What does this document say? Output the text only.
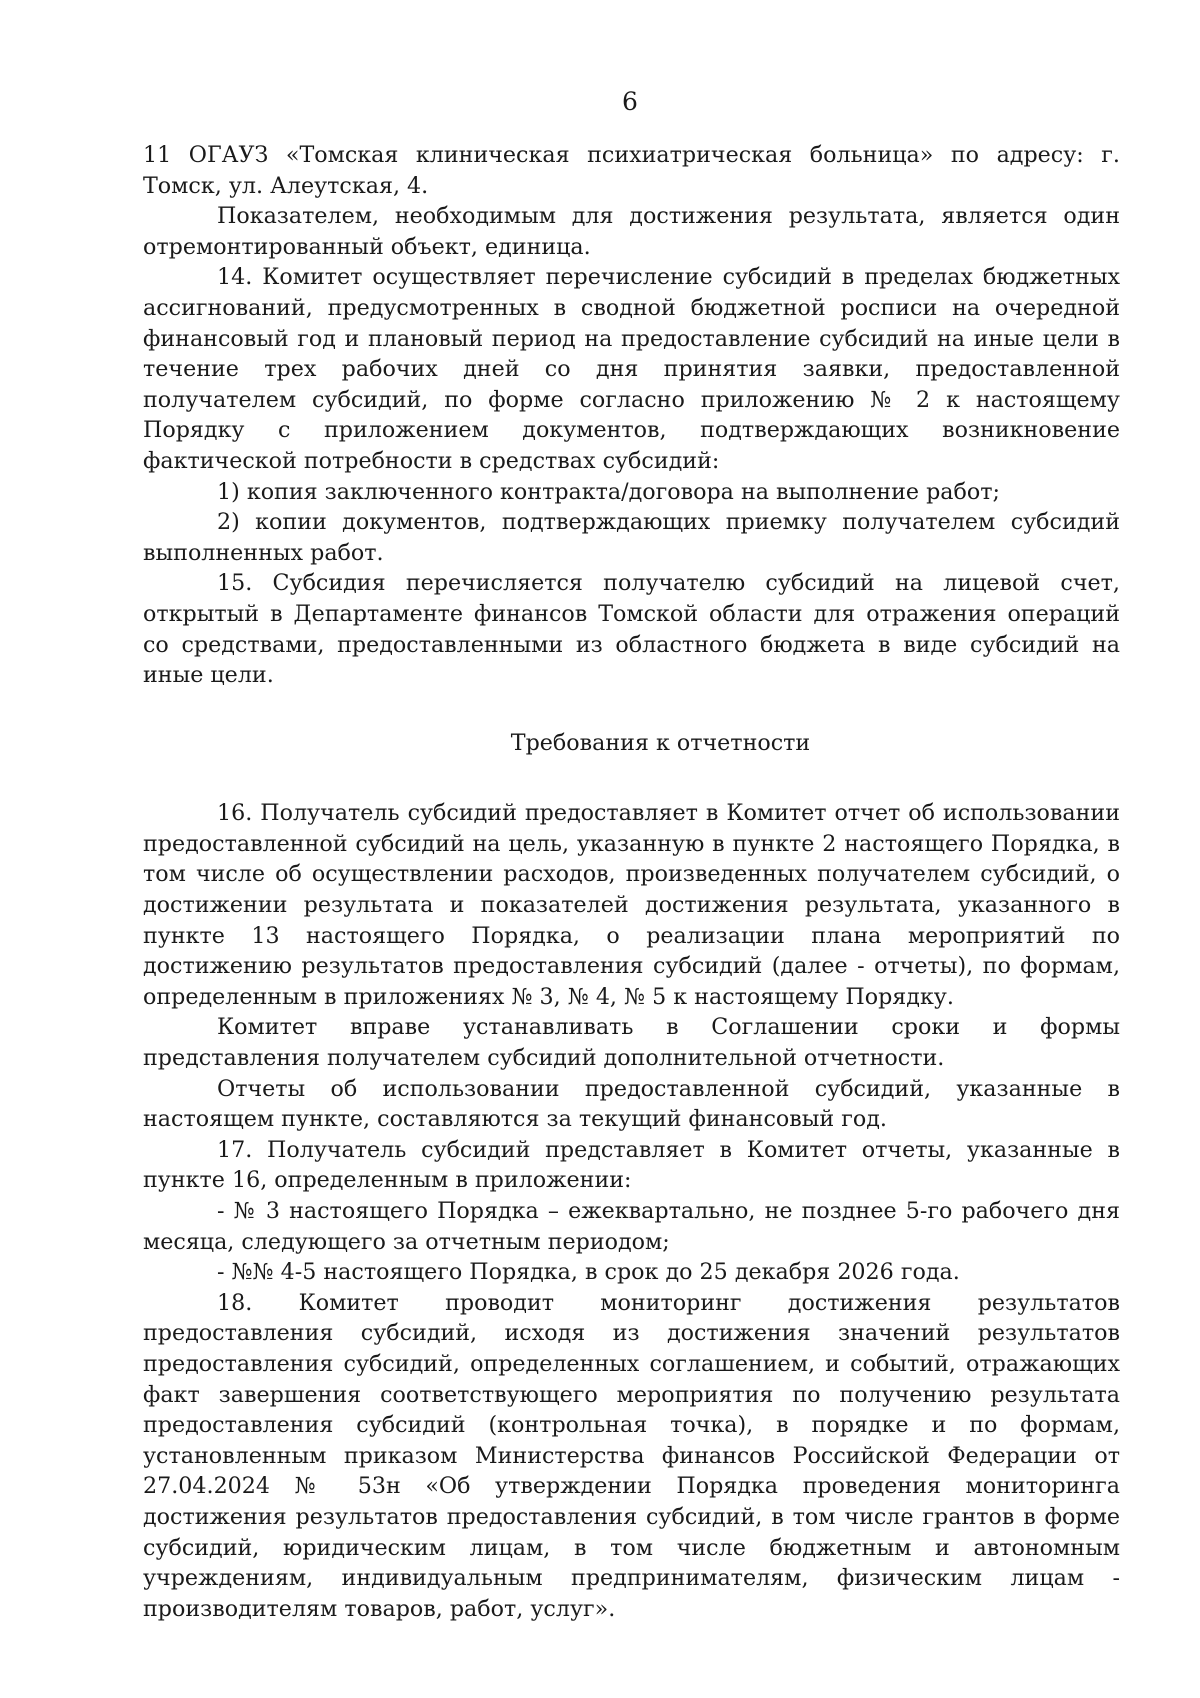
6

11 ОГАУЗ «Томская клиническая психиатрическая больница» по адресу: г. Томск, ул. Алеутская, 4.

Показателем, необходимым для достижения результата, является один отремонтированный объект, единица.

14. Комитет осуществляет перечисление субсидий в пределах бюджетных ассигнований, предусмотренных в сводной бюджетной росписи на очередной финансовый год и плановый период на предоставление субсидий на иные цели в течение трех рабочих дней со дня принятия заявки, предоставленной получателем субсидий, по форме согласно приложению № 2 к настоящему Порядку с приложением документов, подтверждающих возникновение фактической потребности в средствах субсидий:

1) копия заключенного контракта/договора на выполнение работ;

2) копии документов, подтверждающих приемку получателем субсидий выполненных работ.

15. Субсидия перечисляется получателю субсидий на лицевой счет, открытый в Департаменте финансов Томской области для отражения операций со средствами, предоставленными из областного бюджета в виде субсидий на иные цели.

Требования к отчетности

16. Получатель субсидий предоставляет в Комитет отчет об использовании предоставленной субсидий на цель, указанную в пункте 2 настоящего Порядка, в том числе об осуществлении расходов, произведенных получателем субсидий, о достижении результата и показателей достижения результата, указанного в пункте 13 настоящего Порядка, о реализации плана мероприятий по достижению результатов предоставления субсидий (далее - отчеты), по формам, определенным в приложениях № 3, № 4, № 5 к настоящему Порядку.

Комитет вправе устанавливать в Соглашении сроки и формы представления получателем субсидий дополнительной отчетности.

Отчеты об использовании предоставленной субсидий, указанные в настоящем пункте, составляются за текущий финансовый год.

17. Получатель субсидий представляет в Комитет отчеты, указанные в пункте 16, определенным в приложении:

- № 3 настоящего Порядка – ежеквартально, не позднее 5-го рабочего дня месяца, следующего за отчетным периодом;

- №№ 4-5 настоящего Порядка, в срок до 25 декабря 2026 года.

18. Комитет проводит мониторинг достижения результатов предоставления субсидий, исходя из достижения значений результатов предоставления субсидий, определенных соглашением, и событий, отражающих факт завершения соответствующего мероприятия по получению результата предоставления субсидий (контрольная точка), в порядке и по формам, установленным приказом Министерства финансов Российской Федерации от 27.04.2024 № 53н «Об утверждении Порядка проведения мониторинга достижения результатов предоставления субсидий, в том числе грантов в форме субсидий, юридическим лицам, в том числе бюджетным и автономным учреждениям, индивидуальным предпринимателям, физическим лицам - производителям товаров, работ, услуг».
